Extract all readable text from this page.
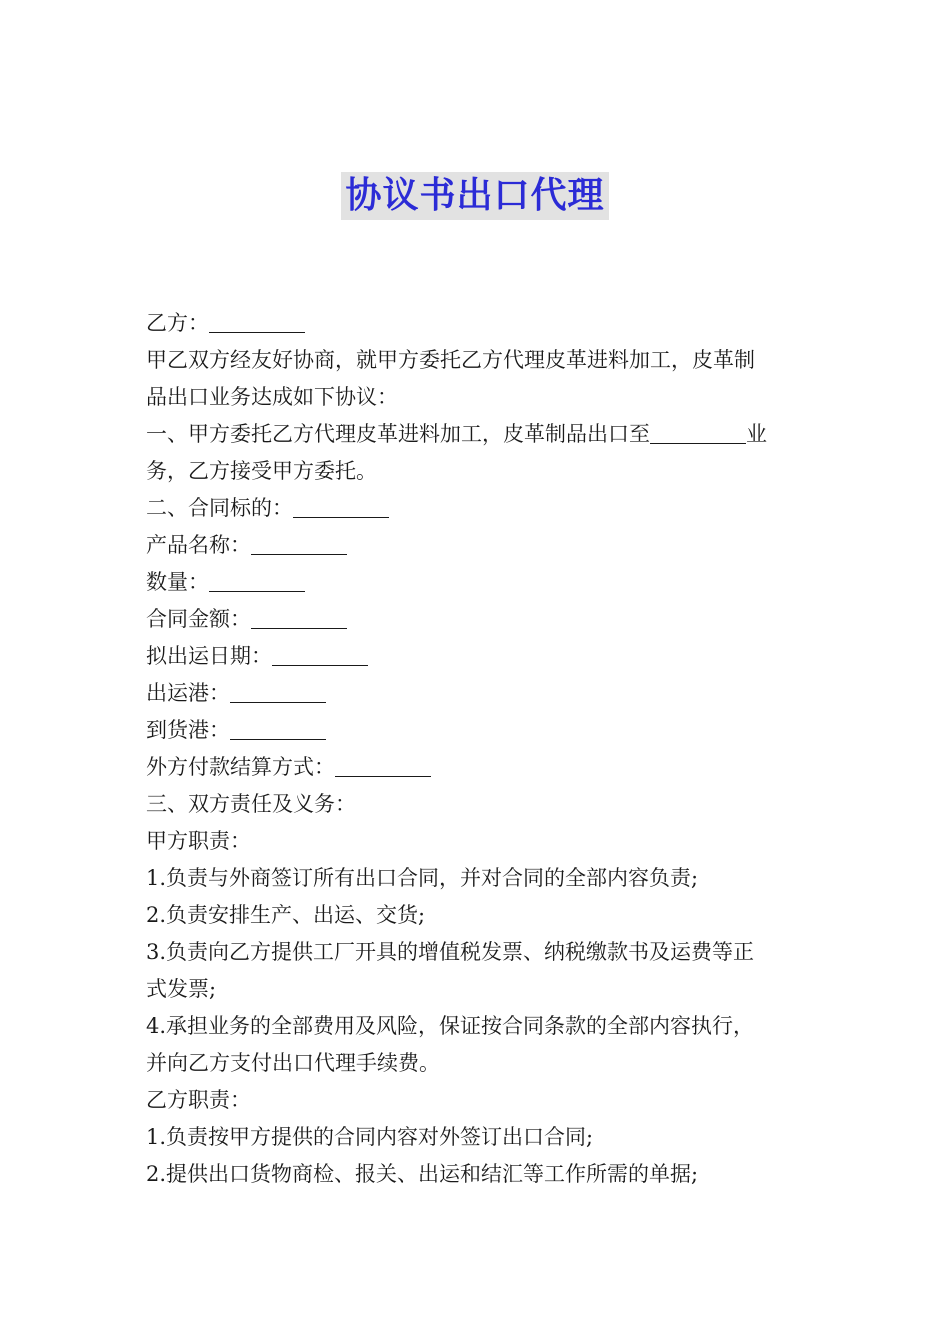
协议书出口代理

乙方：

甲乙双方经友好协商，就甲方委托乙方代理皮革进料加工，皮革制

品出口业务达成如下协议：

一、甲方委托乙方代理皮革进料加工，皮革制品出口至	业

务，乙方接受甲方委托。

二、合同标的：

产品名称：

数量：

合同金额：

拟出运日期：

出运港：

到货港：

外方付款结算方式：

三、双方责任及义务：

甲方职责：

1.负责与外商签订所有出口合同，并对合同的全部内容负责;

2.负责安排生产、出运、交货;

3.负责向乙方提供工厂开具的增值税发票、纳税缴款书及运费等正

式发票;

4.承担业务的全部费用及风险，保证按合同条款的全部内容执行，

并向乙方支付出口代理手续费。

乙方职责：

1.负责按甲方提供的合同内容对外签订出口合同;

2.提供出口货物商检、报关、出运和结汇等工作所需的单据;
